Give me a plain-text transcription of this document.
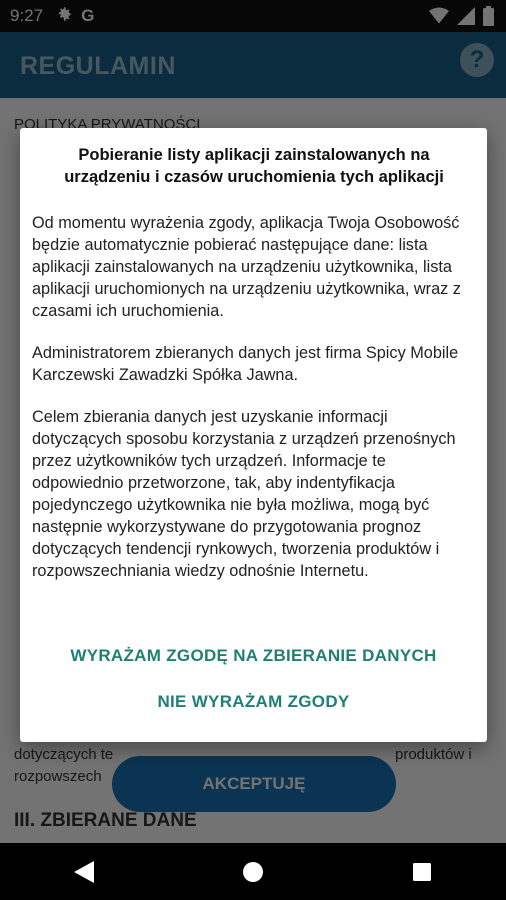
Pobieranie listy aplikacji zainstalowanych na urządzeniu i czasów uruchomienia tych aplikacji

Od momentu wyrażenia zgody, aplikacja Twoja Osobowość będzie automatycznie pobierać następujące dane: lista aplikacji zainstalowanych na urządzeniu użytkownika, lista aplikacji uruchomionych na urządzeniu użytkownika, wraz z czasami ich uruchomienia.

Administratorem zbieranych danych jest firma Spicy Mobile Karczewski Zawadzki Spółka Jawna.

Celem zbierania danych jest uzyskanie informacji dotyczących sposobu korzystania z urządzeń przenośnych przez użytkowników tych urządzeń. Informacje te odpowiednio przetworzone, tak, aby indentyfikacja pojedynczego użytkownika nie była możliwa, mogą być następnie wykorzystywane do przygotowania prognoz dotyczących tendencji rynkowych, tworzenia produktów i rozpowszechniania wiedzy odnośnie Internetu.

WYRAŻAM ZGODĘ NA ZBIERANIE DANYCH
NIE WYRAŻAM ZGODY
